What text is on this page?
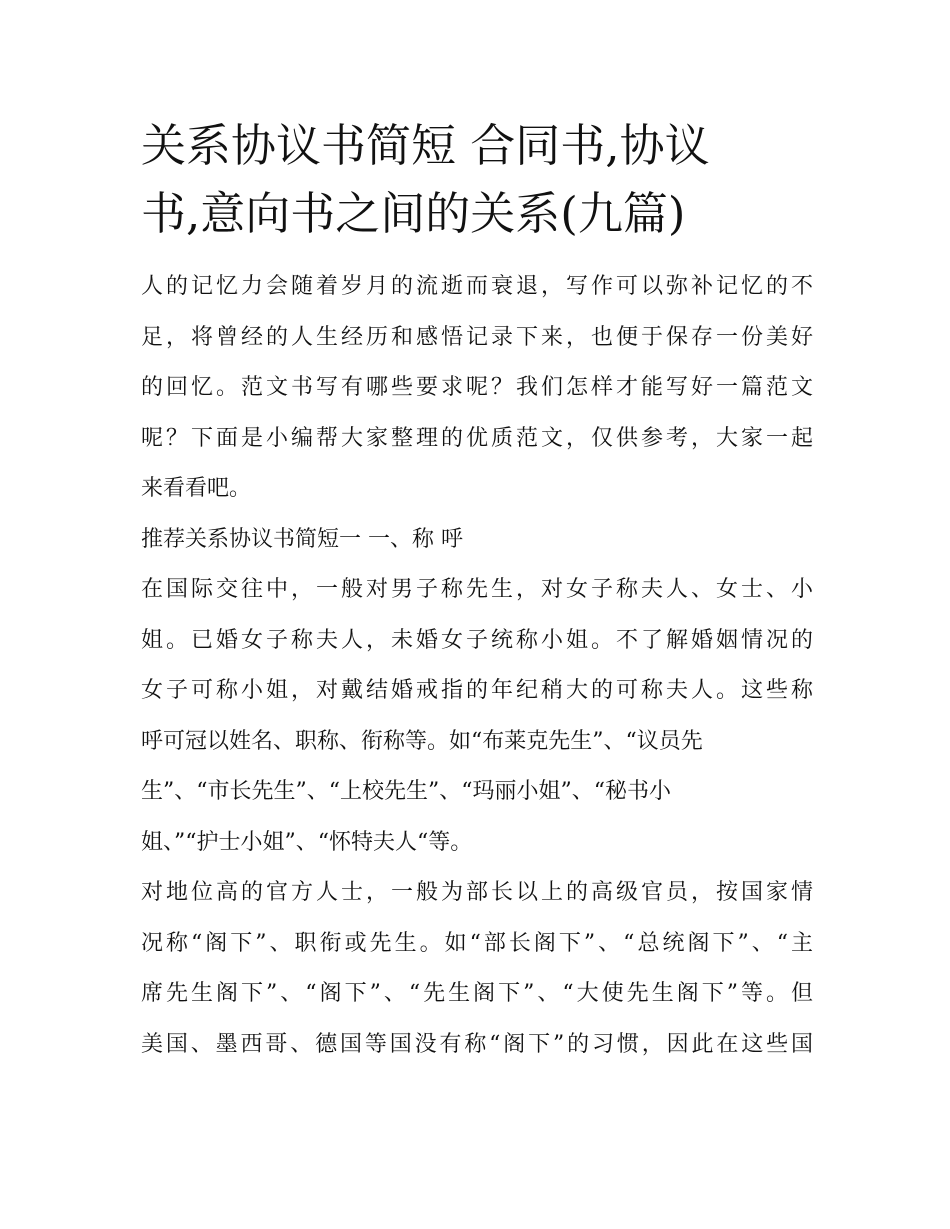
关系协议书简短 合同书,协议
书,意向书之间的关系(九篇)

人的记忆力会随着岁月的流逝而衰退，写作可以弥补记忆的不
足，将曾经的人生经历和感悟记录下来，也便于保存一份美好
的回忆。范文书写有哪些要求呢？我们怎样才能写好一篇范文
呢？下面是小编帮大家整理的优质范文，仅供参考，大家一起
来看看吧。

推荐关系协议书简短一 一、称 呼

在国际交往中，一般对男子称先生，对女子称夫人、女士、小
姐。已婚女子称夫人，未婚女子统称小姐。不了解婚姻情况的
女子可称小姐，对戴结婚戒指的年纪稍大的可称夫人。这些称
呼可冠以姓名、职称、衔称等。如“布莱克先生”、“议员先
生”、“市长先生”、“上校先生”、“玛丽小姐”、“秘书小
姐、”“护士小姐”、“怀特夫人“等。

对地位高的官方人士，一般为部长以上的高级官员，按国家情
况称“阁下”、职衔或先生。如“部长阁下”、“总统阁下”、“主
席先生阁下”、“阁下”、“先生阁下”、“大使先生阁下”等。但
美国、墨西哥、德国等国没有称“阁下”的习惯，因此在这些国
